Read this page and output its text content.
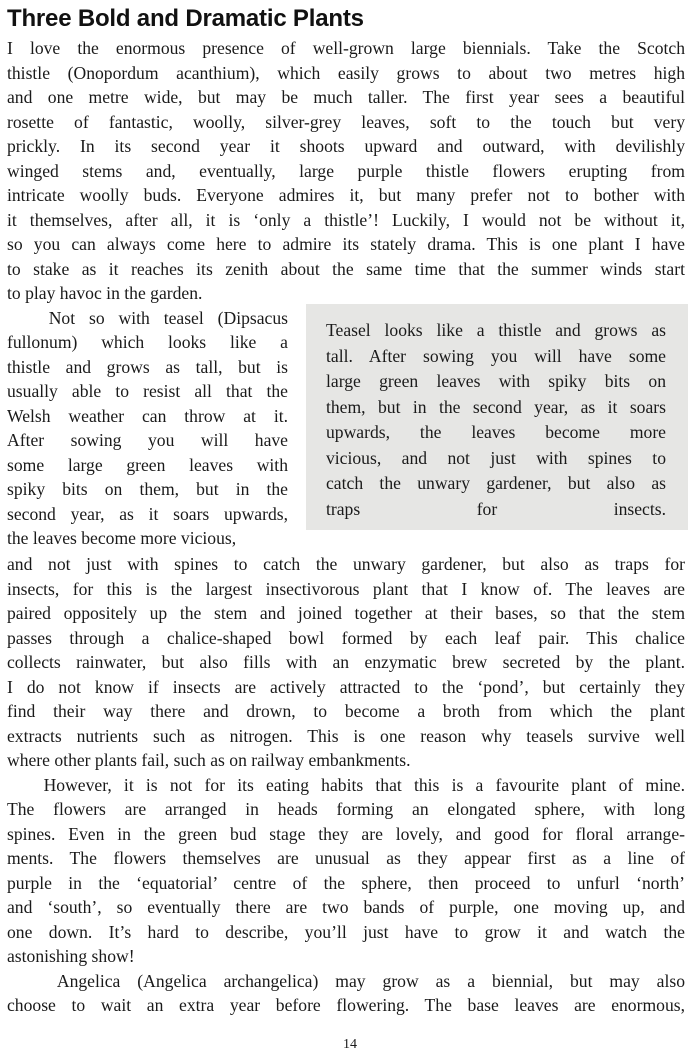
Three Bold and Dramatic Plants
I love the enormous presence of well-grown large biennials. Take the Scotch
thistle (Onopordum acanthium), which easily grows to about two metres high
and one metre wide, but may be much taller. The first year sees a beautiful
rosette of fantastic, woolly, silver-grey leaves, soft to the touch but very
prickly. In its second year it shoots upward and outward, with devilishly
winged stems and, eventually, large purple thistle flowers erupting from
intricate woolly buds. Everyone admires it, but many prefer not to bother with
it themselves, after all, it is ‘only a thistle’! Luckily, I would not be without it,
so you can always come here to admire its stately drama. This is one plant I have
to stake as it reaches its zenith about the same time that the summer winds start
to play havoc in the garden.
Not so with teasel (Dipsacus
fullonum) which looks like a
thistle and grows as tall, but is
usually able to resist all that the
Welsh weather can throw at it.
After sowing you will have
some large green leaves with
spiky bits on them, but in the
second year, as it soars upwards,
the leaves become more vicious,
Teasel looks like a thistle and grows as
tall. After sowing you will have some
large green leaves with spiky bits on
them, but in the second year, as it soars
upwards, the leaves become more
vicious, and not just with spines to
catch the unwary gardener, but also as
traps for insects.
and not just with spines to catch the unwary gardener, but also as traps for
insects, for this is the largest insectivorous plant that I know of. The leaves are
paired oppositely up the stem and joined together at their bases, so that the stem
passes through a chalice-shaped bowl formed by each leaf pair. This chalice
collects rainwater, but also fills with an enzymatic brew secreted by the plant.
I do not know if insects are actively attracted to the ‘pond’, but certainly they
find their way there and drown, to become a broth from which the plant
extracts nutrients such as nitrogen. This is one reason why teasels survive well
where other plants fail, such as on railway embankments.
However, it is not for its eating habits that this is a favourite plant of mine.
The flowers are arranged in heads forming an elongated sphere, with long
spines. Even in the green bud stage they are lovely, and good for floral arrange-
ments. The flowers themselves are unusual as they appear first as a line of
purple in the ‘equatorial’ centre of the sphere, then proceed to unfurl ‘north’
and ‘south’, so eventually there are two bands of purple, one moving up, and
one down. It’s hard to describe, you’ll just have to grow it and watch the
astonishing show!
Angelica (Angelica archangelica) may grow as a biennial, but may also
choose to wait an extra year before flowering. The base leaves are enormous,
14
